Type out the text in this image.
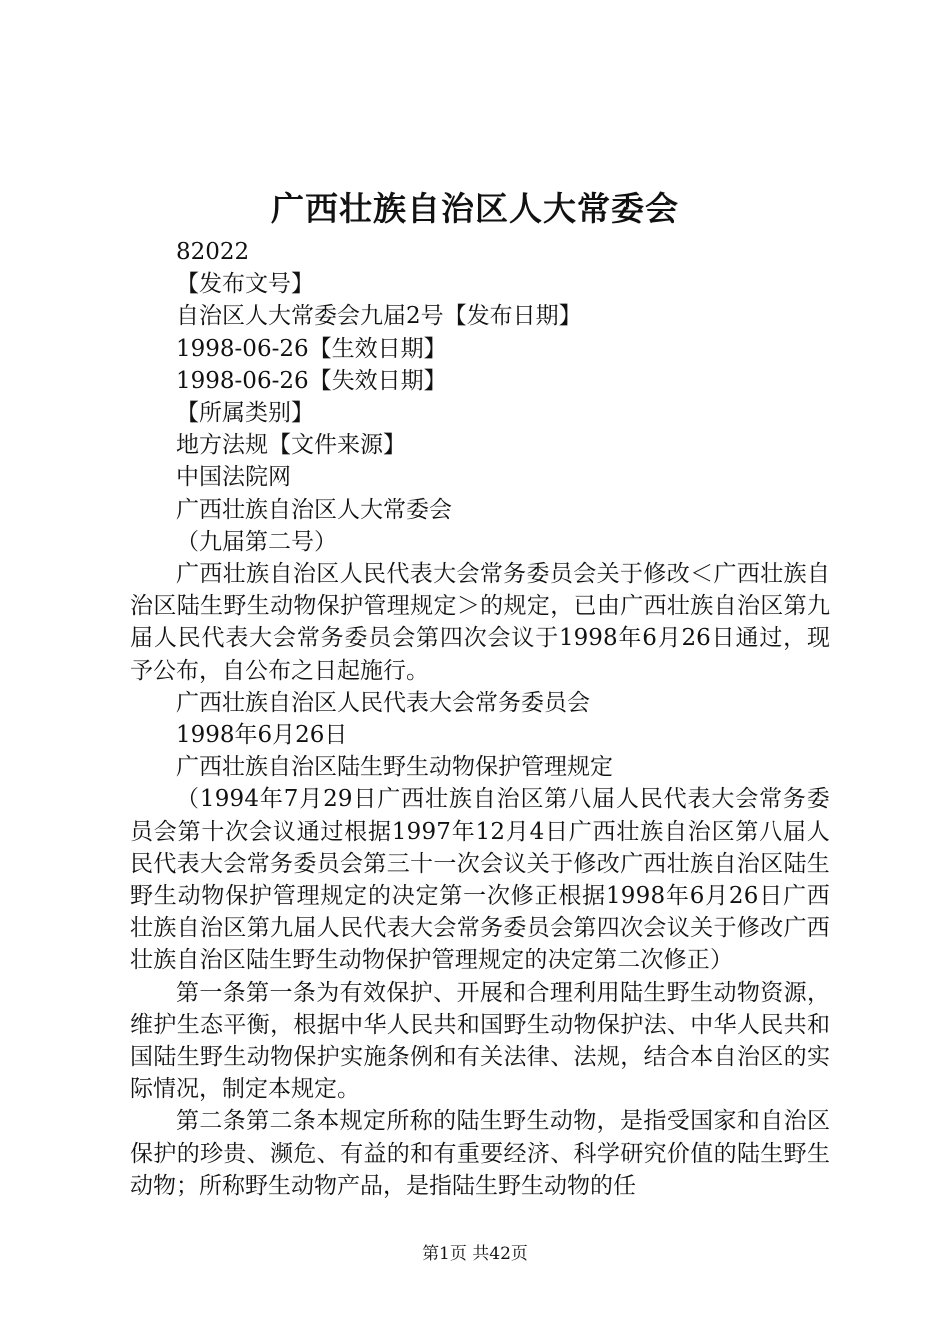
广西壮族自治区人大常委会

82022

【发布文号】

自治区人大常委会九届2号【发布日期】

1998-06-26【生效日期】

1998-06-26【失效日期】

【所属类别】

地方法规【文件来源】

中国法院网

广西壮族自治区人大常委会

（九届第二号）

广西壮族自治区人民代表大会常务委员会关于修改＜广西壮族自治区陆生野生动物保护管理规定＞的规定，已由广西壮族自治区第九届人民代表大会常务委员会第四次会议于1998年6月26日通过，现予公布，自公布之日起施行。

广西壮族自治区人民代表大会常务委员会

1998年6月26日

广西壮族自治区陆生野生动物保护管理规定

（1994年7月29日广西壮族自治区第八届人民代表大会常务委员会第十次会议通过根据1997年12月4日广西壮族自治区第八届人民代表大会常务委员会第三十一次会议关于修改广西壮族自治区陆生野生动物保护管理规定的决定第一次修正根据1998年6月26日广西壮族自治区第九届人民代表大会常务委员会第四次会议关于修改广西壮族自治区陆生野生动物保护管理规定的决定第二次修正）

第一条第一条为有效保护、开展和合理利用陆生野生动物资源，维护生态平衡，根据中华人民共和国野生动物保护法、中华人民共和国陆生野生动物保护实施条例和有关法律、法规，结合本自治区的实际情况，制定本规定。

第二条第二条本规定所称的陆生野生动物，是指受国家和自治区保护的珍贵、濒危、有益的和有重要经济、科学研究价值的陆生野生动物；所称野生动物产品，是指陆生野生动物的任

第1页 共42页
